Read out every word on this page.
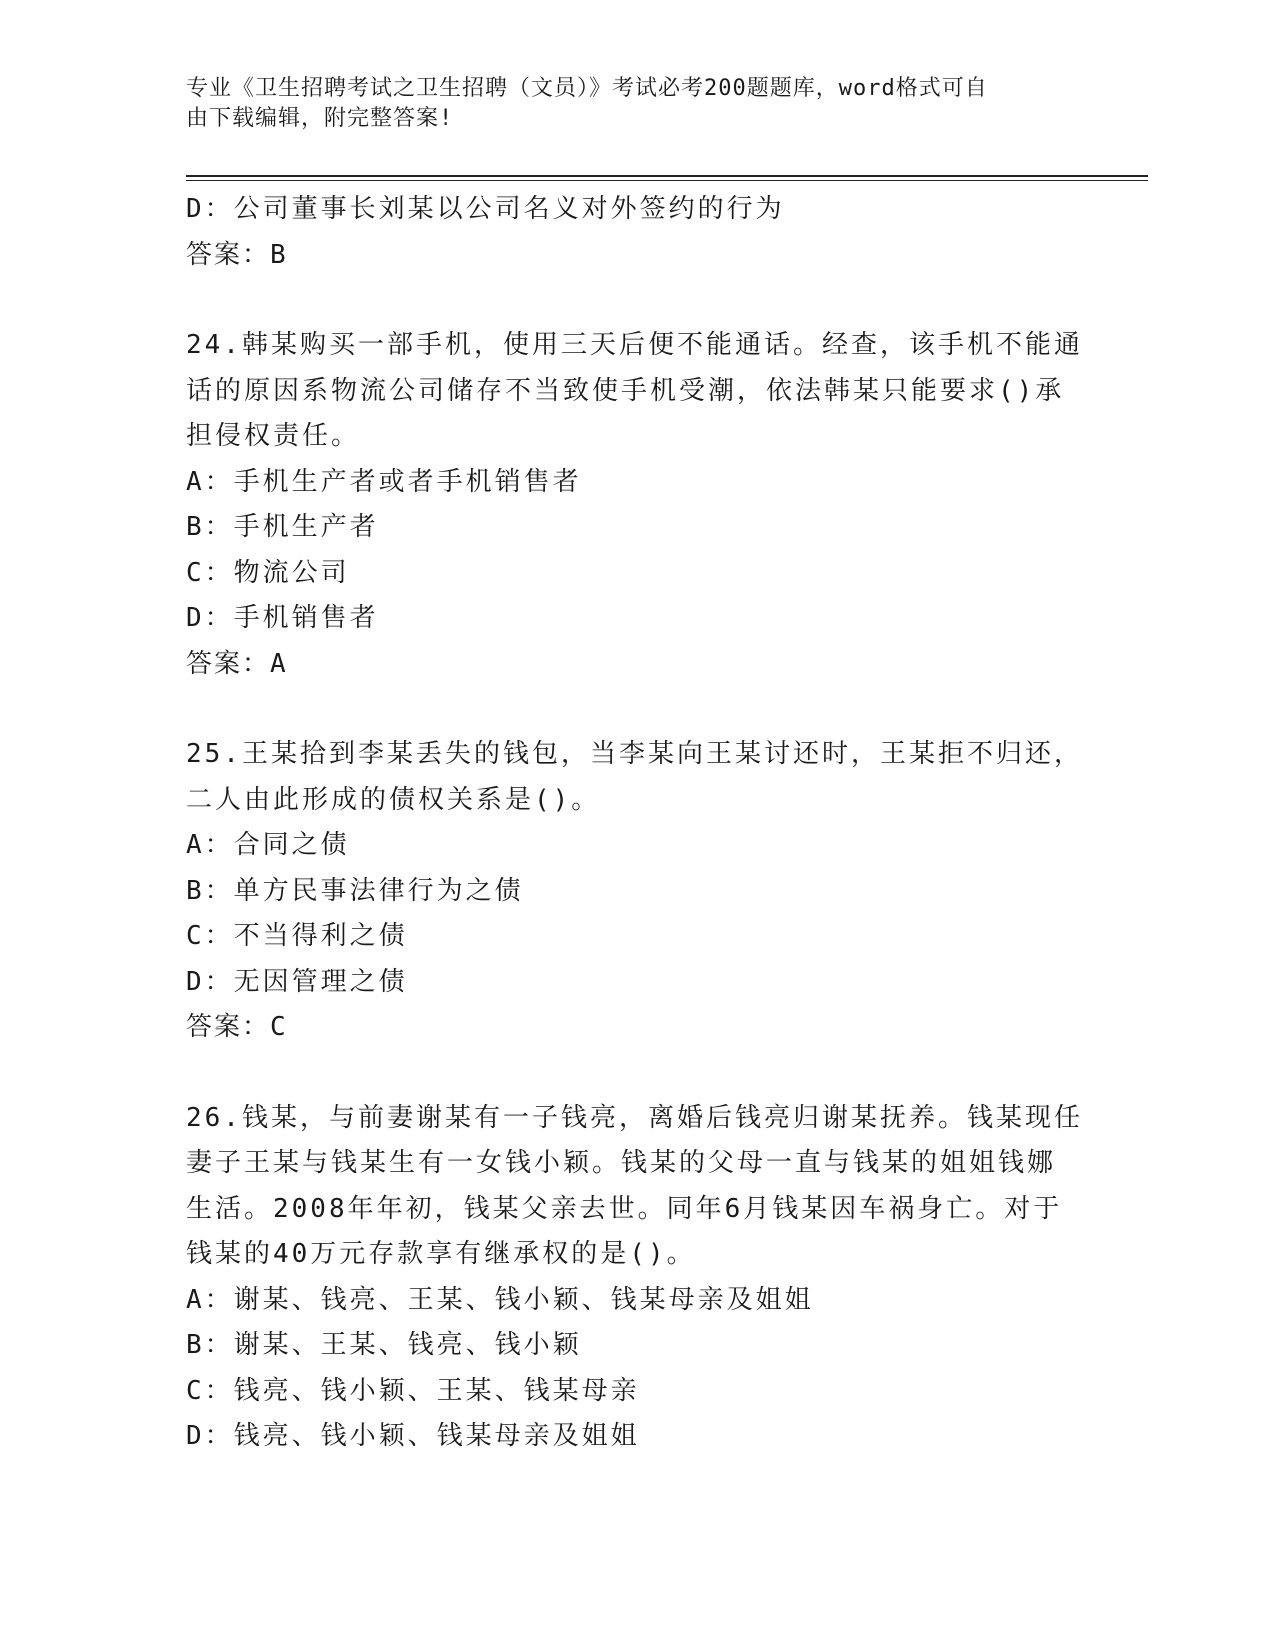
专业《卫生招聘考试之卫生招聘（文员）》考试必考200题题库，word格式可自
由下载编辑，附完整答案!
D：公司董事长刘某以公司名义对外签约的行为
答案：B
24.韩某购买一部手机，使用三天后便不能通话。经查，该手机不能通
话的原因系物流公司储存不当致使手机受潮，依法韩某只能要求()承
担侵权责任。
A：手机生产者或者手机销售者
B：手机生产者
C：物流公司
D：手机销售者
答案：A
25.王某拾到李某丢失的钱包，当李某向王某讨还时，王某拒不归还，
二人由此形成的债权关系是()。
A：合同之债
B：单方民事法律行为之债
C：不当得利之债
D：无因管理之债
答案：C
26.钱某，与前妻谢某有一子钱亮，离婚后钱亮归谢某抚养。钱某现任
妻子王某与钱某生有一女钱小颖。钱某的父母一直与钱某的姐姐钱娜
生活。2008年年初，钱某父亲去世。同年6月钱某因车祸身亡。对于
钱某的40万元存款享有继承权的是()。
A：谢某、钱亮、王某、钱小颖、钱某母亲及姐姐
B：谢某、王某、钱亮、钱小颖
C：钱亮、钱小颖、王某、钱某母亲
D：钱亮、钱小颖、钱某母亲及姐姐
